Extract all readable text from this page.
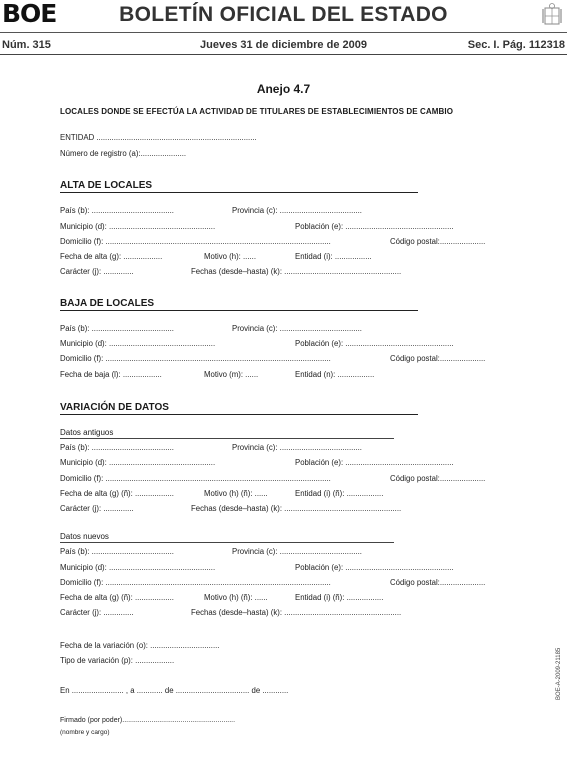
BOE	BOLETÍN OFICIAL DEL ESTADO
Núm. 315	Jueves 31 de diciembre de 2009	Sec. I. Pág. 112318
Anejo 4.7
LOCALES DONDE SE EFECTÚA LA ACTIVIDAD DE TITULARES DE ESTABLECIMIENTOS DE CAMBIO
ENTIDAD ..........................................................................
Número de registro (a):.....................
ALTA DE LOCALES
País (b): ......................................	Provincia (c): ......................................
Municipio (d): .................................................	Población (e): ..................................................
Domicilio (f): ........................................................................................................	Código postal:.....................
Fecha de alta (g): ..................	Motivo (h): ......	Entidad (i): .................
Carácter (j): ..............	Fechas (desde–hasta) (k): ......................................................
BAJA DE LOCALES
País (b): ......................................	Provincia (c): ......................................
Municipio (d): .................................................	Población (e): ..................................................
Domicilio (f): ........................................................................................................	Código postal:.....................
Fecha de baja (l): ..................	Motivo (m): ......	Entidad (n): .................
VARIACIÓN DE DATOS
Datos antiguos
País (b): ......................................	Provincia (c): ......................................
Municipio (d): .................................................	Población (e): ..................................................
Domicilio (f): ........................................................................................................	Código postal:.....................
Fecha de alta (g) (ñ): ..................	Motivo (h) (ñ): ......	Entidad (i) (ñ): .................
Carácter (j): ..............	Fechas (desde–hasta) (k): ......................................................
Datos nuevos
País (b): ......................................	Provincia (c): ......................................
Municipio (d): .................................................	Población (e): ..................................................
Domicilio (f): ........................................................................................................	Código postal:.....................
Fecha de alta (g) (ñ): ..................	Motivo (h) (ñ): ......	Entidad (i) (ñ): .................
Carácter (j): ..............	Fechas (desde–hasta) (k): ......................................................
Fecha de la variación (o): ................................
Tipo de variación (p): ..................
En ........................ , a ............ de .................................. de ............
Firmado (por poder)..........................................................
(nombre y cargo)
BOE-A-2009-21185
